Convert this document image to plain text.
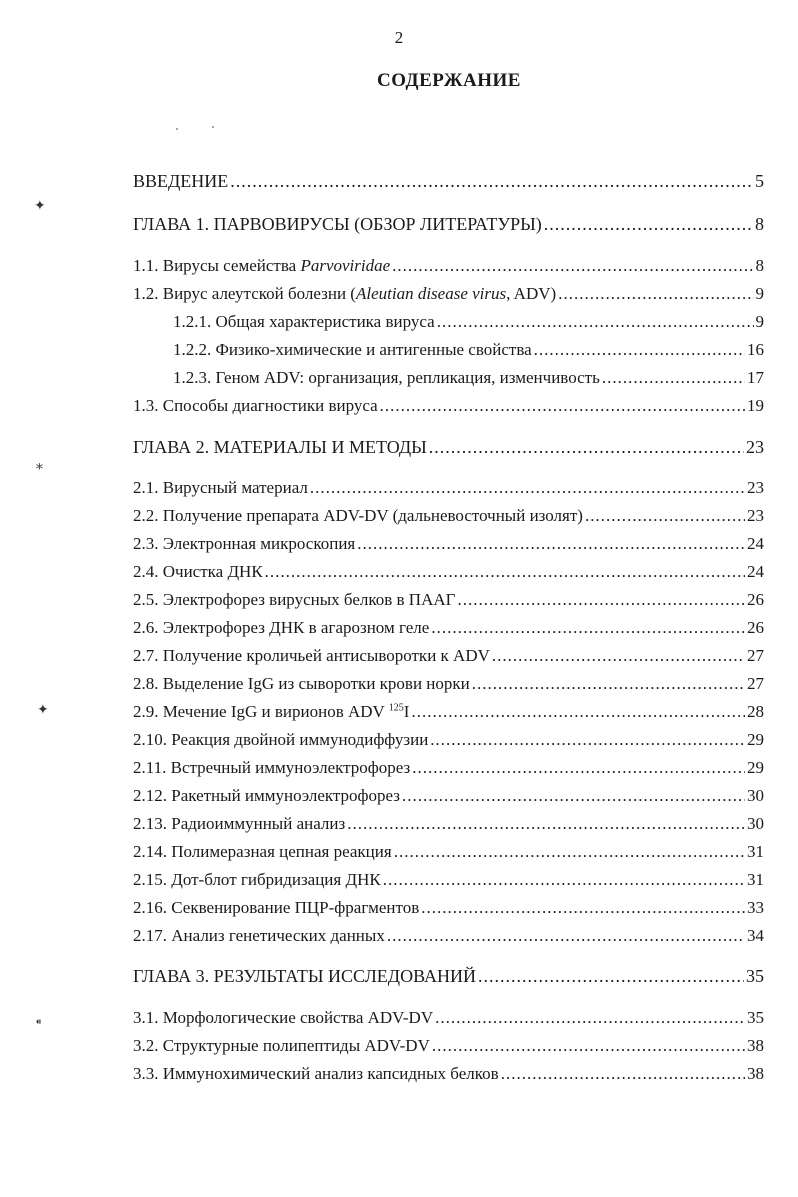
2
СОДЕРЖАНИЕ
✦
⁎
✦
⁌
ВВЕДЕНИЕ .....	5
ГЛАВА 1. ПАРВОВИРУСЫ (ОБЗОР ЛИТЕРАТУРЫ) .....	8
1.1. Вирусы семейства Parvoviridae .....	8
1.2. Вирус алеутской болезни (Aleutian disease virus, ADV) .....	9
1.2.1. Общая характеристика вируса .....	9
1.2.2. Физико-химические и антигенные свойства .....	16
1.2.3. Геном ADV: организация, репликация, изменчивость .....	17
1.3. Способы диагностики вируса .....	19
ГЛАВА 2. МАТЕРИАЛЫ И МЕТОДЫ .....	23
2.1. Вирусный материал .....	23
2.2. Получение препарата ADV-DV (дальневосточный изолят) .....	23
2.3. Электронная микроскопия .....	24
2.4. Очистка ДНК .....	24
2.5. Электрофорез вирусных белков в ПААГ .....	26
2.6. Электрофорез ДНК в агарозном геле .....	26
2.7. Получение кроличьей антисыворотки к ADV .....	27
2.8. Выделение IgG из сыворотки крови норки .....	27
2.9. Мечение IgG и вирионов ADV $^{125}$I .....	28
2.10. Реакция двойной иммунодиффузии .....	29
2.11. Встречный иммуноэлектрофорез .....	29
2.12. Ракетный иммуноэлектрофорез .....	30
2.13. Радиоиммунный анализ .....	30
2.14. Полимеразная цепная реакция .....	31
2.15. Дот-блот гибридизация ДНК .....	31
2.16. Секвенирование ПЦР-фрагментов .....	33
2.17. Анализ генетических данных .....	34
ГЛАВА 3. РЕЗУЛЬТАТЫ ИССЛЕДОВАНИЙ .....	35
3.1. Морфологические свойства ADV-DV .....	35
3.2. Структурные полипептиды ADV-DV .....	38
3.3. Иммунохимический анализ капсидных белков .....	38
